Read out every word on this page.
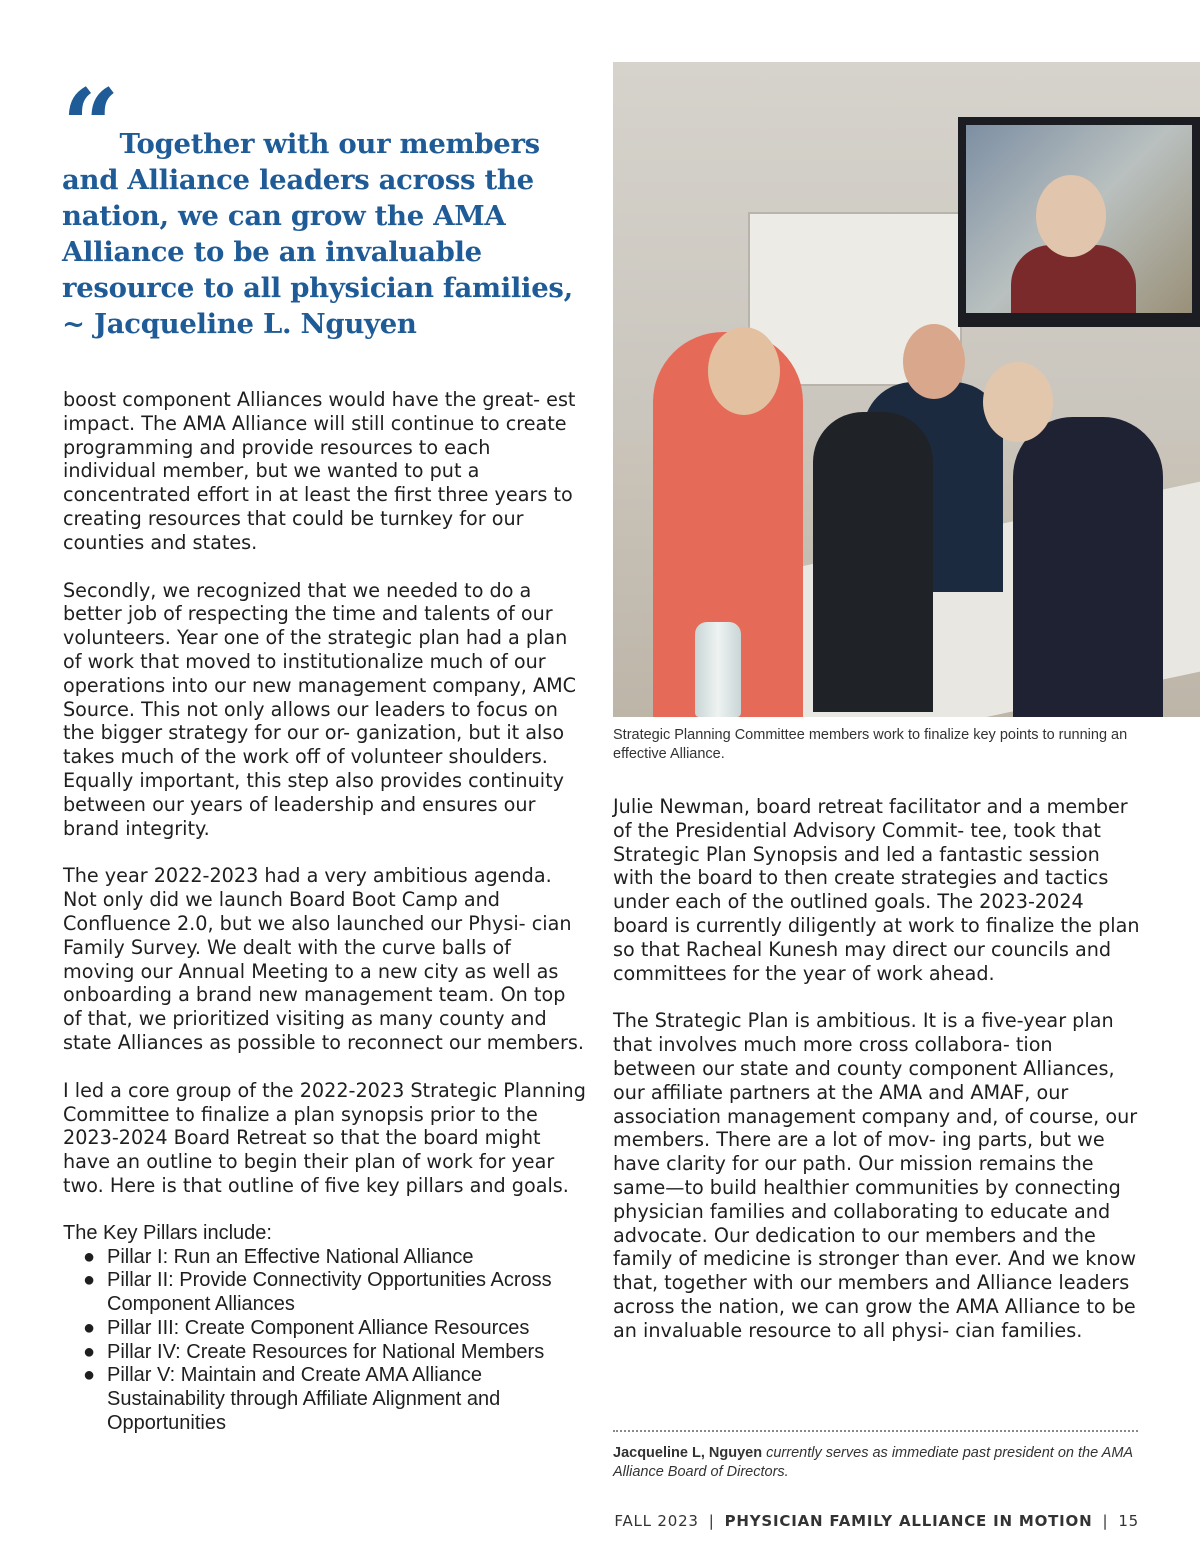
“ Together with our members and Alliance leaders across the nation, we can grow the AMA Alliance to be an invaluable resource to all physician families,
~ Jacqueline L. Nguyen

boost component Alliances would have the great- est impact. The AMA Alliance will still continue to create programming and provide resources to each individual member, but we wanted to put a concentrated effort in at least the first three years to creating resources that could be turnkey for our counties and states.

Secondly, we recognized that we needed to do a better job of respecting the time and talents of our volunteers. Year one of the strategic plan had a plan of work that moved to institutionalize much of our operations into our new management company, AMC Source. This not only allows our leaders to focus on the bigger strategy for our or- ganization, but it also takes much of the work off of volunteer shoulders. Equally important, this step also provides continuity between our years of leadership and ensures our brand integrity.

The year 2022-2023 had a very ambitious agenda. Not only did we launch Board Boot Camp and Confluence 2.0, but we also launched our Physi- cian Family Survey. We dealt with the curve balls of moving our Annual Meeting to a new city as well as onboarding a brand new management team. On top of that, we prioritized visiting as many county and state Alliances as possible to reconnect our members.

I led a core group of the 2022-2023 Strategic Planning Committee to finalize a plan synopsis prior to the 2023-2024 Board Retreat so that the board might have an outline to begin their plan of work for year two. Here is that outline of five key pillars and goals.

The Key Pillars include:
● Pillar I: Run an Effective National Alliance
● Pillar II: Provide Connectivity Opportunities Across Component Alliances
● Pillar III: Create Component Alliance Resources
● Pillar IV: Create Resources for National Members
● Pillar V: Maintain and Create AMA Alliance Sustainability through Affiliate Alignment and Opportunities
Strategic Planning Committee members work to finalize key points to running an effective Alliance.

Julie Newman, board retreat facilitator and a member of the Presidential Advisory Commit- tee, took that Strategic Plan Synopsis and led a fantastic session with the board to then create strategies and tactics under each of the outlined goals. The 2023-2024 board is currently diligently at work to finalize the plan so that Racheal Kunesh may direct our councils and committees for the year of work ahead.

The Strategic Plan is ambitious. It is a five-year plan that involves much more cross collabora- tion between our state and county component Alliances, our affiliate partners at the AMA and AMAF, our association management company and, of course, our members. There are a lot of mov- ing parts, but we have clarity for our path. Our mission remains the same—to build healthier communities by connecting physician families and collaborating to educate and advocate. Our dedication to our members and the family of medicine is stronger than ever. And we know that, together with our members and Alliance leaders across the nation, we can grow the AMA Alliance to be an invaluable resource to all physi- cian families.

Jacqueline L, Nguyen currently serves as immediate past president on the AMA Alliance Board of Directors.
FALL 2023 | PHYSICIAN FAMILY ALLIANCE IN MOTION | 15
